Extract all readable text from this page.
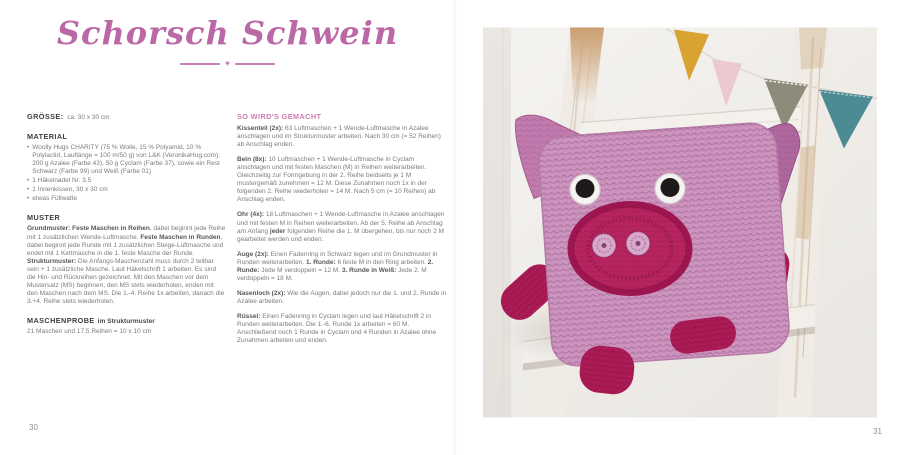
Schorsch Schwein
♥

GRÖSSE: ca. 30 x 30 cm

MATERIAL
• Woolly Hugs CHARITY (75 % Wolle, 15 % Polyamid, 10 % Polylactid, Lauflänge = 100 m/50 g) von L&K (VeronikaHug.com); 200 g Azalee (Farbe 43), 50 g Cyclam (Farbe 37), sowie ein Rest Schwarz (Farbe 99) und Weiß (Farbe 01)
• 1 Häkelnadel Nr. 3,5
• 1 Innenkissen, 30 x 30 cm
• etwas Füllwatte
MUSTER

Grundmuster: Feste Maschen in Reihen, dabei beginnt jede Reihe mit 1 zusätzlichen Wende-Luftmasche. Feste Maschen in Runden, dabei beginnt jede Runde mit 1 zusätzlichen Steige-Luftmasche und endet mit 1 Kettmasche in die 1. feste Masche der Runde. Strukturmuster: Die Anfangs-Maschenzahl muss durch 2 teilbar sein + 1 zusätzliche Masche. Laut Häkelschrift 1 arbeiten. Es sind die Hin- und Rückreihen gezeichnet. Mit den Maschen vor dem Mustersatz (MS) beginnen, den MS stets wiederholen, enden mit den Maschen nach dem MS. Die 1.-4. Reihe 1x arbeiten, danach die 3.+4. Reihe stets wiederholen.

MASCHENPROBE im Strukturmuster

21 Maschen und 17,5 Reihen = 10 x 10 cm

SO WIRD'S GEMACHT

Kissenteil (2x): 63 Luftmaschen + 1 Wende-Luftmasche in Azalee anschlagen und im Strukturmuster arbeiten. Nach 30 cm (= 52 Reihen) ab Anschlag enden.

Bein (8x): 10 Luftmaschen + 1 Wende-Luftmasche in Cyclam anschlagen und mit festen Maschen (M) in Reihen weiterarbeiten. Gleichzeitig zur Formgebung in der 2. Reihe beidseits je 1 M mustergemäß zunehmen = 12 M. Diese Zunahmen noch 1x in der folgenden 2. Reihe wiederholen = 14 M. Nach 5 cm (= 10 Reihen) ab Anschlag enden.

Ohr (4x): 18 Luftmaschen + 1 Wende-Luftmasche in Azalee anschlagen und mit festen M in Reihen weiterarbeiten. Ab der 5. Reihe ab Anschlag am Anfang jeder folgenden Reihe die 1. M übergehen, bis nur noch 2 M gearbeitet werden und enden.

Auge (2x): Einen Fadenring in Schwarz legen und im Grundmuster in Runden weiterarbeiten. 1. Runde: 6 feste M in den Ring arbeiten. 2. Runde: Jede M verdoppeln = 12 M. 3. Runde in Weiß: Jede 2. M verdoppeln = 18 M.

Nasenloch (2x): Wie die Augen, dabei jedoch nur die 1. und 2. Runde in Azalee arbeiten.

Rüssel: Einen Fadenring in Cyclam legen und laut Häkelschrift 2 in Runden weiterarbeiten. Die 1.-6. Runde 1x arbeiten = 60 M. Anschließend noch 1 Runde in Cyclam und 4 Runden in Azalee ohne Zunahmen arbeiten und enden.

30	31
